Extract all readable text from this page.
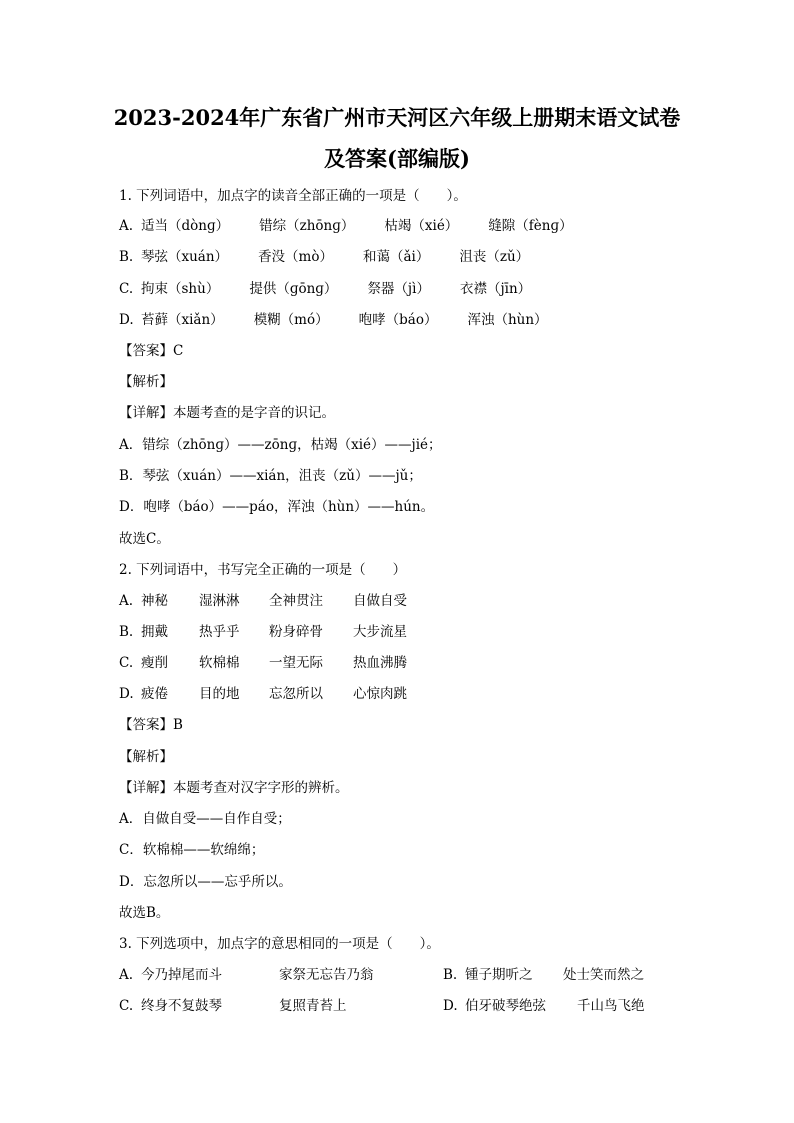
2023-2024年广东省广州市天河区六年级上册期末语文试卷
及答案(部编版)
1. 下列词语中，加点字的读音全部正确的一项是（　　）。
A. 适当（dònɡ） 错综（zhōnɡ） 枯竭（xié） 缝隙（fènɡ）
B. 琴弦（xuán） 香没（mò） 和蔼（ǎi） 沮丧（zǔ）
C. 拘束（shù） 提供（ɡōnɡ） 祭器（jì） 衣襟（jīn）
D. 苔藓（xiǎn） 模糊（mó） 咆哮（báo） 浑浊（hùn）
【答案】C
【解析】
【详解】本题考查的是字音的识记。
A．错综（zhōnɡ）——zōnɡ，枯竭（xié）——jié；
B．琴弦（xuán）——xián，沮丧（zǔ）——jǔ；
D．咆哮（báo）——páo，浑浊（hùn）——hún。
故选C。
2. 下列词语中，书写完全正确的一项是（　　）
A. 神秘 湿淋淋 全神贯注 自做自受
B. 拥戴 热乎乎 粉身碎骨 大步流星
C. 瘦削 软棉棉 一望无际 热血沸腾
D. 疲倦 目的地 忘忽所以 心惊肉跳
【答案】B
【解析】
【详解】本题考查对汉字字形的辨析。
A．自做自受——自作自受；
C．软棉棉——软绵绵；
D．忘忽所以——忘乎所以。
故选B。
3. 下列选项中，加点字的意思相同的一项是（　　）。
A. 今乃掉尾而斗	家祭无忘告乃翁	B. 锺子期听之 处士笑而然之
C. 终身不复鼓琴	复照青苔上	D. 伯牙破琴绝弦 千山鸟飞绝
